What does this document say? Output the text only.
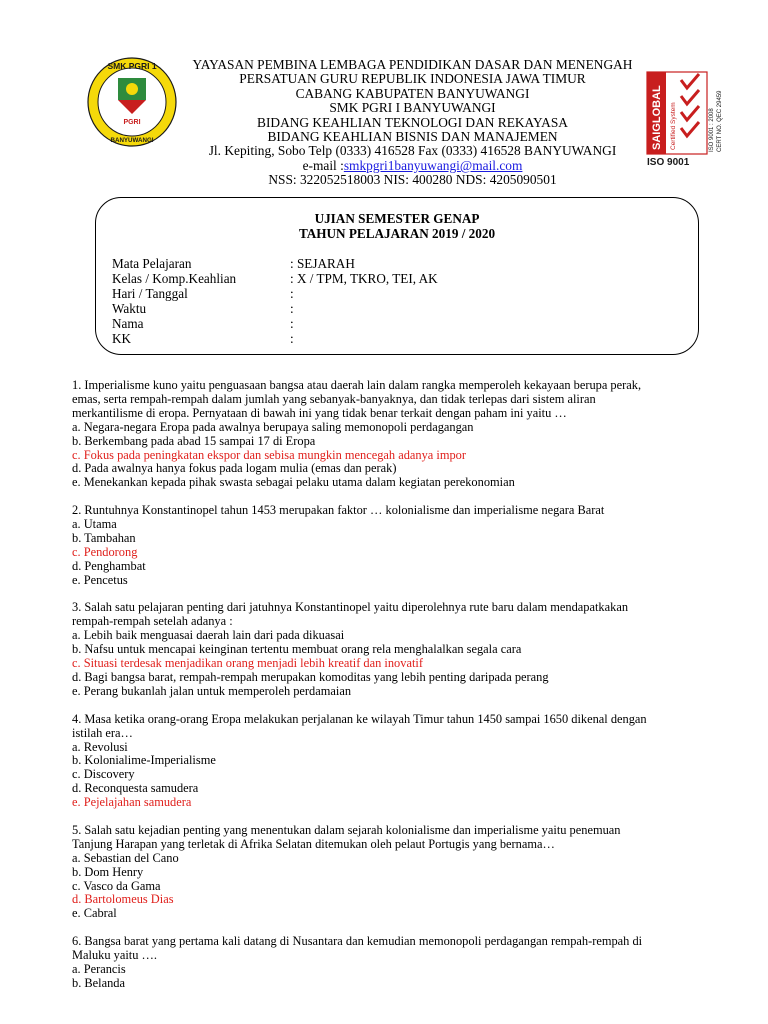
SMK PGRI 1
PGRI
BANYUWANGI
YAYASAN PEMBINA LEMBAGA PENDIDIKAN DASAR DAN MENENGAH
PERSATUAN GURU REPUBLIK INDONESIA JAWA TIMUR
CABANG KABUPATEN BANYUWANGI
SMK PGRI I BANYUWANGI
BIDANG KEAHLIAN TEKNOLOGI DAN REKAYASA
BIDANG KEAHLIAN BISNIS DAN MANAJEMEN
Jl. Kepiting, Sobo Telp (0333) 416528 Fax (0333) 416528 BANYUWANGI
e-mail :smkpgri1banyuwangi@mail.com
NSS: 322052518003 NIS: 400280 NDS: 4205090501
SAIGLOBAL Certified System	ISO 9001 : 2008 CERT NO. QEC 29459
ISO 9001
UJIAN SEMESTER GENAP
TAHUN PELAJARAN 2019 / 2020
Mata Pelajaran	: SEJARAH
Kelas / Komp.Keahlian	: X / TPM, TKRO, TEI, AK
Hari / Tanggal	:
Waktu	:
Nama	:
KK	:
1. Imperialisme kuno yaitu penguasaan bangsa atau daerah lain dalam rangka memperoleh kekayaan berupa perak,
emas, serta rempah-rempah dalam jumlah yang sebanyak-banyaknya, dan tidak terlepas dari sistem aliran
merkantilisme di eropa. Pernyataan di bawah ini yang tidak benar terkait dengan paham ini yaitu …
a. Negara-negara Eropa pada awalnya berupaya saling memonopoli perdagangan
b. Berkembang pada abad 15 sampai 17 di Eropa
c. Fokus pada peningkatan ekspor dan sebisa mungkin mencegah adanya impor
d. Pada awalnya hanya fokus pada logam mulia (emas dan perak)
e. Menekankan kepada pihak swasta sebagai pelaku utama dalam kegiatan perekonomian
2. Runtuhnya Konstantinopel tahun 1453 merupakan faktor … kolonialisme dan imperialisme negara Barat
a. Utama
b. Tambahan
c. Pendorong
d. Penghambat
e. Pencetus
3. Salah satu pelajaran penting dari jatuhnya Konstantinopel yaitu diperolehnya rute baru dalam mendapatkakan
rempah-rempah setelah adanya :
a. Lebih baik menguasai daerah lain dari pada dikuasai
b. Nafsu untuk mencapai keinginan tertentu membuat orang rela menghalalkan segala cara
c. Situasi terdesak menjadikan orang menjadi lebih kreatif dan inovatif
d. Bagi bangsa barat, rempah-rempah merupakan komoditas yang lebih penting daripada perang
e. Perang bukanlah jalan untuk memperoleh perdamaian
4. Masa ketika orang-orang Eropa melakukan perjalanan ke wilayah Timur tahun 1450 sampai 1650 dikenal dengan
istilah era…
a. Revolusi
b. Kolonialime-Imperialisme
c. Discovery
d. Reconquesta samudera
e. Pejelajahan samudera
5. Salah satu kejadian penting yang menentukan dalam sejarah kolonialisme dan imperialisme yaitu penemuan
Tanjung Harapan yang terletak di Afrika Selatan ditemukan oleh pelaut Portugis yang bernama…
a. Sebastian del Cano
b. Dom Henry
c. Vasco da Gama
d. Bartolomeus Dias
e. Cabral
6. Bangsa barat yang pertama kali datang di Nusantara dan kemudian memonopoli perdagangan rempah-rempah di
Maluku yaitu ….
a. Perancis
b. Belanda
